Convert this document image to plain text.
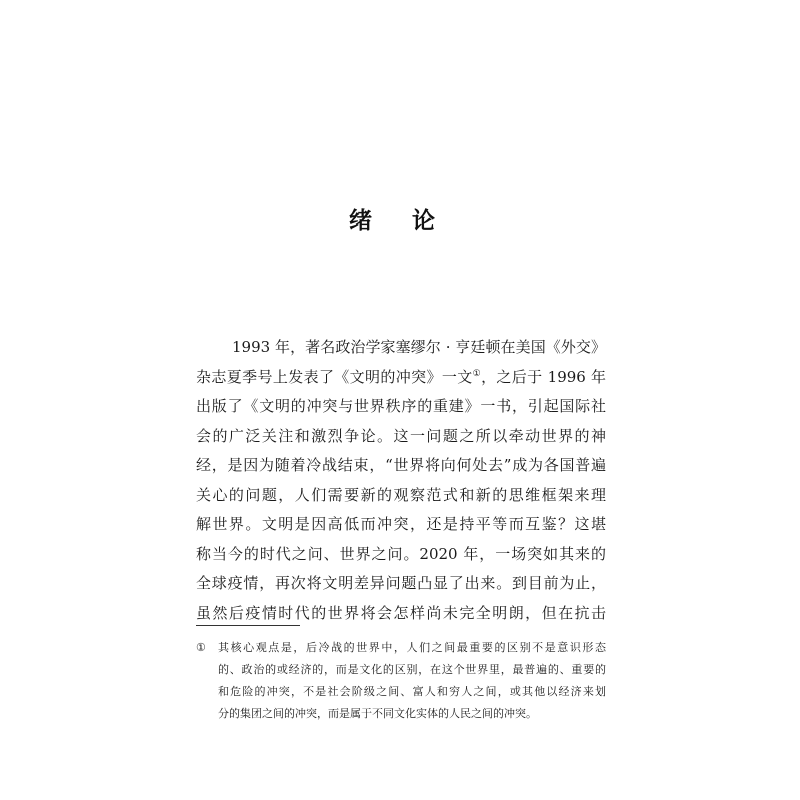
绪 论
1993 年，著名政治学家塞缪尔 · 亨廷顿在美国《外交》
杂志夏季号上发表了《文明的冲突》一文①，之后于 1996 年
出版了《文明的冲突与世界秩序的重建》一书，引起国际社
会的广泛关注和激烈争论。这一问题之所以牵动世界的神
经，是因为随着冷战结束，“世界将向何处去”成为各国普遍
关心的问题，人们需要新的观察范式和新的思维框架来理
解世界。文明是因高低而冲突，还是持平等而互鉴？这堪
称当今的时代之问、世界之问。2020 年，一场突如其来的
全球疫情，再次将文明差异问题凸显了出来。到目前为止，
虽然后疫情时代的世界将会怎样尚未完全明朗，但在抗击
①	其核心观点是，后冷战的世界中，人们之间最重要的区别不是意识形态
的、政治的或经济的，而是文化的区别，在这个世界里，最普遍的、重要的
和危险的冲突，不是社会阶级之间、富人和穷人之间，或其他以经济来划
分的集团之间的冲突，而是属于不同文化实体的人民之间的冲突。
